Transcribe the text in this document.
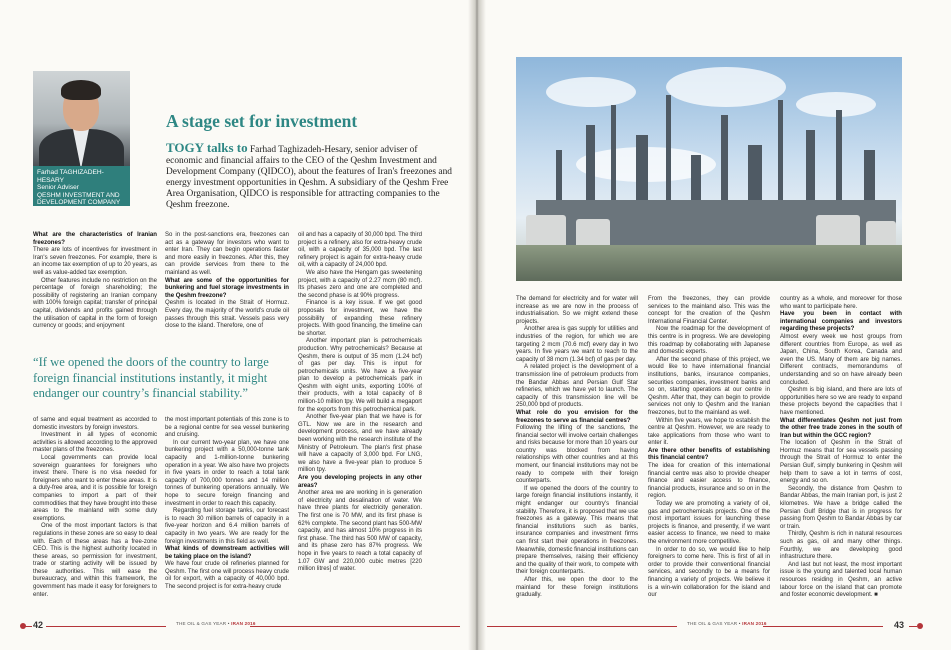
Farhad TAGHIZADEH-HESARY
Senior Adviser
QESHM INVESTMENT AND DEVELOPMENT COMPANY
A stage set for investment
TOGY talks to Farhad Taghizadeh-Hesary, senior adviser of economic and financial affairs to the CEO of the Qeshm Investment and Development Company (QIDCO), about the features of Iran's freezones and energy investment opportunities in Qeshm. A subsidiary of the Qeshm Free Area Organisation, QIDCO is responsible for attracting companies to the Qeshm freezone.

What are the characteristics of Iranian freezones?

There are lots of incentives for investment in Iran's seven freezones. For example, there is an income tax exemption of up to 20 years, as well as value-added tax exemption.

Other features include no restriction on the percentage of foreign shareholding; the possibility of registering an Iranian company with 100% foreign capital; transfer of principal capital, dividends and profits gained through the utilisation of capital in the form of foreign currency or goods; and enjoyment

“If we opened the doors of the country to large foreign financial institutions instantly, it might endanger our country’s financial stability.”

of same and equal treatment as accorded to domestic investors by foreign investors.

Investment in all types of economic activities is allowed according to the approved master plans of the freezones.

Local governments can provide local sovereign guarantees for foreigners who invest there. There is no visa needed for foreigners who want to enter these areas. It is a duty-free area, and it is possible for foreign companies to import a part of their commodities that they have brought into these areas to the mainland with some duty exemptions.

One of the most important factors is that regulations in these zones are so easy to deal with. Each of these areas has a free-zone CEO. This is the highest authority located in these areas, so permission for investment, trade or starting activity will be issued by these authorities. This will ease the bureaucracy, and within this framework, the government has made it easy for foreigners to enter.

So in the post-sanctions era, freezones can act as a gateway for investors who want to enter Iran. They can begin operations faster and more easily in freezones. After this, they can provide services from there to the mainland as well.

What are some of the opportunities for bunkering and fuel storage investments in the Qeshm freezone?

Qeshm is located in the Strait of Hormuz. Every day, the majority of the world's crude oil passes through this strait. Vessels pass very close to the island. Therefore, one of

the most important potentials of this zone is to be a regional centre for sea vessel bunkering and cruising.

In our current two-year plan, we have one bunkering project with a 50,000-tonne tank capacity and 1-million-tonne bunkering operation in a year. We also have two projects in five years in order to reach a total tank capacity of 700,000 tonnes and 14 million tonnes of bunkering operations annually. We hope to secure foreign financing and investment in order to reach this capacity.

Regarding fuel storage tanks, our forecast is to reach 30 million barrels of capacity in a five-year horizon and 6.4 million barrels of capacity in two years. We are ready for the foreign investments in this field as well.

What kinds of downstream activities will be taking place on the island?

We have four crude oil refineries planned for Qeshm. The first one will process heavy crude oil for export, with a capacity of 40,000 bpd. The second project is for extra-heavy crude

oil and has a capacity of 30,000 bpd. The third project is a refinery, also for extra-heavy crude oil, with a capacity of 35,000 bpd. The last refinery project is again for extra-heavy crude oil, with a capacity of 24,000 bpd.

We also have the Hengam gas sweetening project, with a capacity of 2.27 mcm (80 mcf). Its phases zero and one are completed and the second phase is at 90% progress.

Finance is a key issue. If we get good proposals for investment, we have the possibility of expanding these refinery projects. With good financing, the timeline can be shorter.

Another important plan is petrochemicals production. Why petrochemicals? Because at Qeshm, there is output of 35 mcm (1.24 bcf) of gas per day. This is input for petrochemicals units. We have a five-year plan to develop a petrochemicals park in Qeshm with eight units, exporting 100% of their products, with a total capacity of 8 million-10 million tpy. We will build a megaport for the exports from this petrochemical park.

Another five-year plan that we have is for GTL. Now we are in the research and development process, and we have already been working with the research institute of the Ministry of Petroleum. The plan's first phase will have a capacity of 3,000 bpd. For LNG, we also have a five-year plan to produce 5 million tpy.

Are you developing projects in any other areas?

Another area we are working in is generation of electricity and desalination of water. We have three plants for electricity generation. The first one is 70 MW, and its first phase is 62% complete. The second plant has 500-MW capacity, and has almost 10% progress in its first phase. The third has 500 MW of capacity, and its phase zero has 87% progress. We hope in five years to reach a total capacity of 1.07 GW and 220,000 cubic metres [220 million litres] of water.

42	THE OIL & GAS YEAR • IRAN 2016

The demand for electricity and for water will increase as we are now in the process of industrialisation. So we might extend these projects.

Another area is gas supply for utilities and industries of the region, for which we are targeting 2 mcm (70.6 mcf) every day in two years. In five years we want to reach to the capacity of 38 mcm (1.34 bcf) of gas per day.

A related project is the development of a transmission line of petroleum products from the Bandar Abbas and Persian Gulf Star refineries, which we have yet to launch. The capacity of this transmission line will be 250,000 bpd of products.

What role do you envision for the freezones to serve as financial centres?

Following the lifting of the sanctions, the financial sector will involve certain challenges and risks because for more than 10 years our country was blocked from having relationships with other countries and at this moment, our financial institutions may not be ready to compete with their foreign counterparts.

If we opened the doors of the country to large foreign financial institutions instantly, it might endanger our country's financial stability. Therefore, it is proposed that we use freezones as a gateway. This means that financial institutions such as banks, insurance companies and investment firms can first start their operations in freezones. Meanwhile, domestic financial institutions can prepare themselves, raising their efficiency and the quality of their work, to compete with their foreign counterparts.

After this, we open the door to the mainland for these foreign institutions gradually.

From the freezones, they can provide services to the mainland also. This was the concept for the creation of the Qeshm International Financial Center.

Now the roadmap for the development of this centre is in progress. We are developing this roadmap by collaborating with Japanese and domestic experts.

After the second phase of this project, we would like to have international financial institutions, banks, insurance companies, securities companies, investment banks and so on, starting operations at our centre in Qeshm. After that, they can begin to provide services not only to Qeshm and the Iranian freezones, but to the mainland as well.

Within five years, we hope to establish the centre at Qeshm. However, we are ready to take applications from those who want to enter it.

Are there other benefits of establishing this financial centre?

The idea for creation of this international financial centre was also to provide cheaper finance and easier access to finance, financial products, insurance and so on in the region.

Today we are promoting a variety of oil, gas and petrochemicals projects. One of the most important issues for launching these projects is finance, and presently, if we want easier access to finance, we need to make the environment more competitive.

In order to do so, we would like to help foreigners to come here. This is first of all in order to provide their conventional financial services, and secondly to be a means for financing a variety of projects. We believe it is a win-win collaboration for the island and our

country as a whole, and moreover for those who want to participate here.

Have you been in contact with international companies and investors regarding these projects?

Almost every week we host groups from different countries from Europe, as well as Japan, China, South Korea, Canada and even the US. Many of them are big names. Different contracts, memorandums of understanding and so on have already been concluded.

Qeshm is big island, and there are lots of opportunities here so we are ready to expand these projects beyond the capacities that I have mentioned.

What differentiates Qeshm not just from the other free trade zones in the south of Iran but within the GCC region?

The location of Qeshm in the Strait of Hormuz means that for sea vessels passing through the Strait of Hormuz to enter the Persian Gulf, simply bunkering in Qeshm will help them to save a lot in terms of cost, energy and so on.

Secondly, the distance from Qeshm to Bandar Abbas, the main Iranian port, is just 2 kilometres. We have a bridge called the Persian Gulf Bridge that is in progress for passing from Qeshm to Bandar Abbas by car or train.

Thirdly, Qeshm is rich in natural resources such as gas, oil and many other things. Fourthly, we are developing good infrastructure there.

And last but not least, the most important issue is the young and talented local human resources residing in Qeshm, an active labour force on the island that can promote and foster economic development. ■

THE OIL & GAS YEAR • IRAN 2016	43
